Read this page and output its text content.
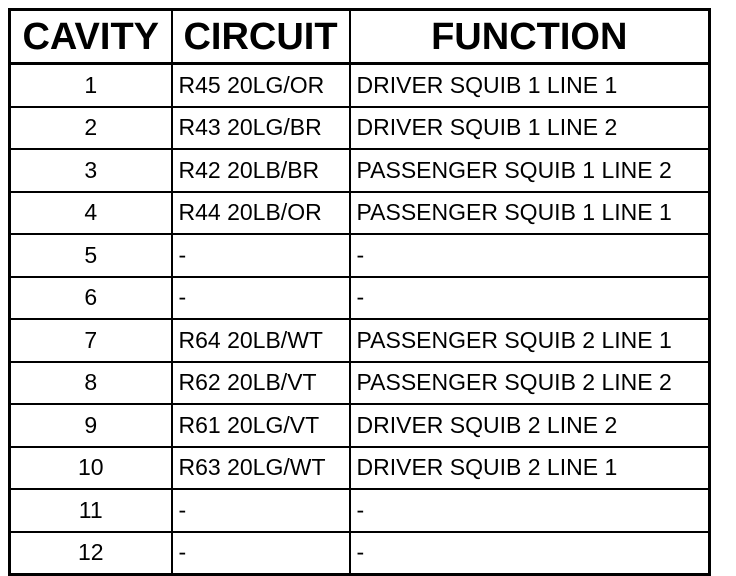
CAVITY	CIRCUIT	FUNCTION
1	R45 20LG/OR	DRIVER SQUIB 1 LINE 1
2	R43 20LG/BR	DRIVER SQUIB 1 LINE 2
3	R42 20LB/BR	PASSENGER SQUIB 1 LINE 2
4	R44 20LB/OR	PASSENGER SQUIB 1 LINE 1
5	-	-
6	-	-
7	R64 20LB/WT	PASSENGER SQUIB 2 LINE 1
8	R62 20LB/VT	PASSENGER SQUIB 2 LINE 2
9	R61 20LG/VT	DRIVER SQUIB 2 LINE 2
10	R63 20LG/WT	DRIVER SQUIB 2 LINE 1
11	-	-
12	-	-
